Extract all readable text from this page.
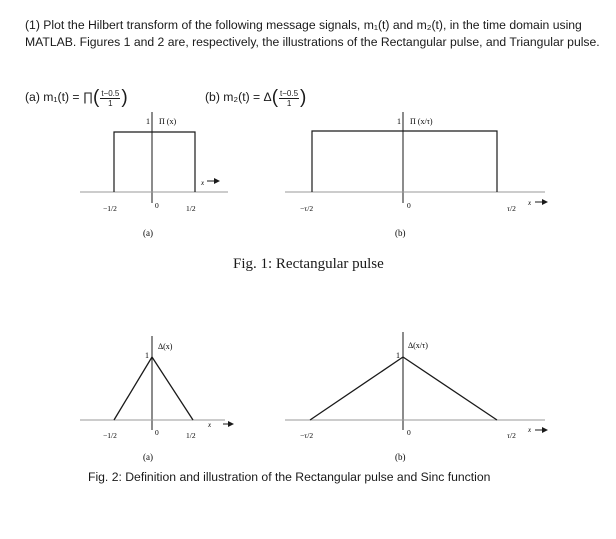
(1) Plot the Hilbert transform of the following message signals, m₁(t) and m₂(t), in the time domain using MATLAB. Figures 1 and 2 are, respectively, the illustrations of the Rectangular pulse, and Triangular pulse.
(a) m₁(t) = ∏( $\frac{t-0.5}{1}$ )	(b) $m_2(t) = \Delta( \frac{t-0.5}{1}$ )
1 Π (x)
x
−1/2	0	1/2
(a)
1 Π (x/τ)
−τ/2	0	τ/2
x
(b)
Δ(x)
1
−1/2	0	1/2
x
(a)
Δ(x/τ)
1
−τ/2	0	τ/2
x
(b)
Fig. 1: Rectangular pulse
Fig. 2: Definition and illustration of the Rectangular pulse and Sinc function
